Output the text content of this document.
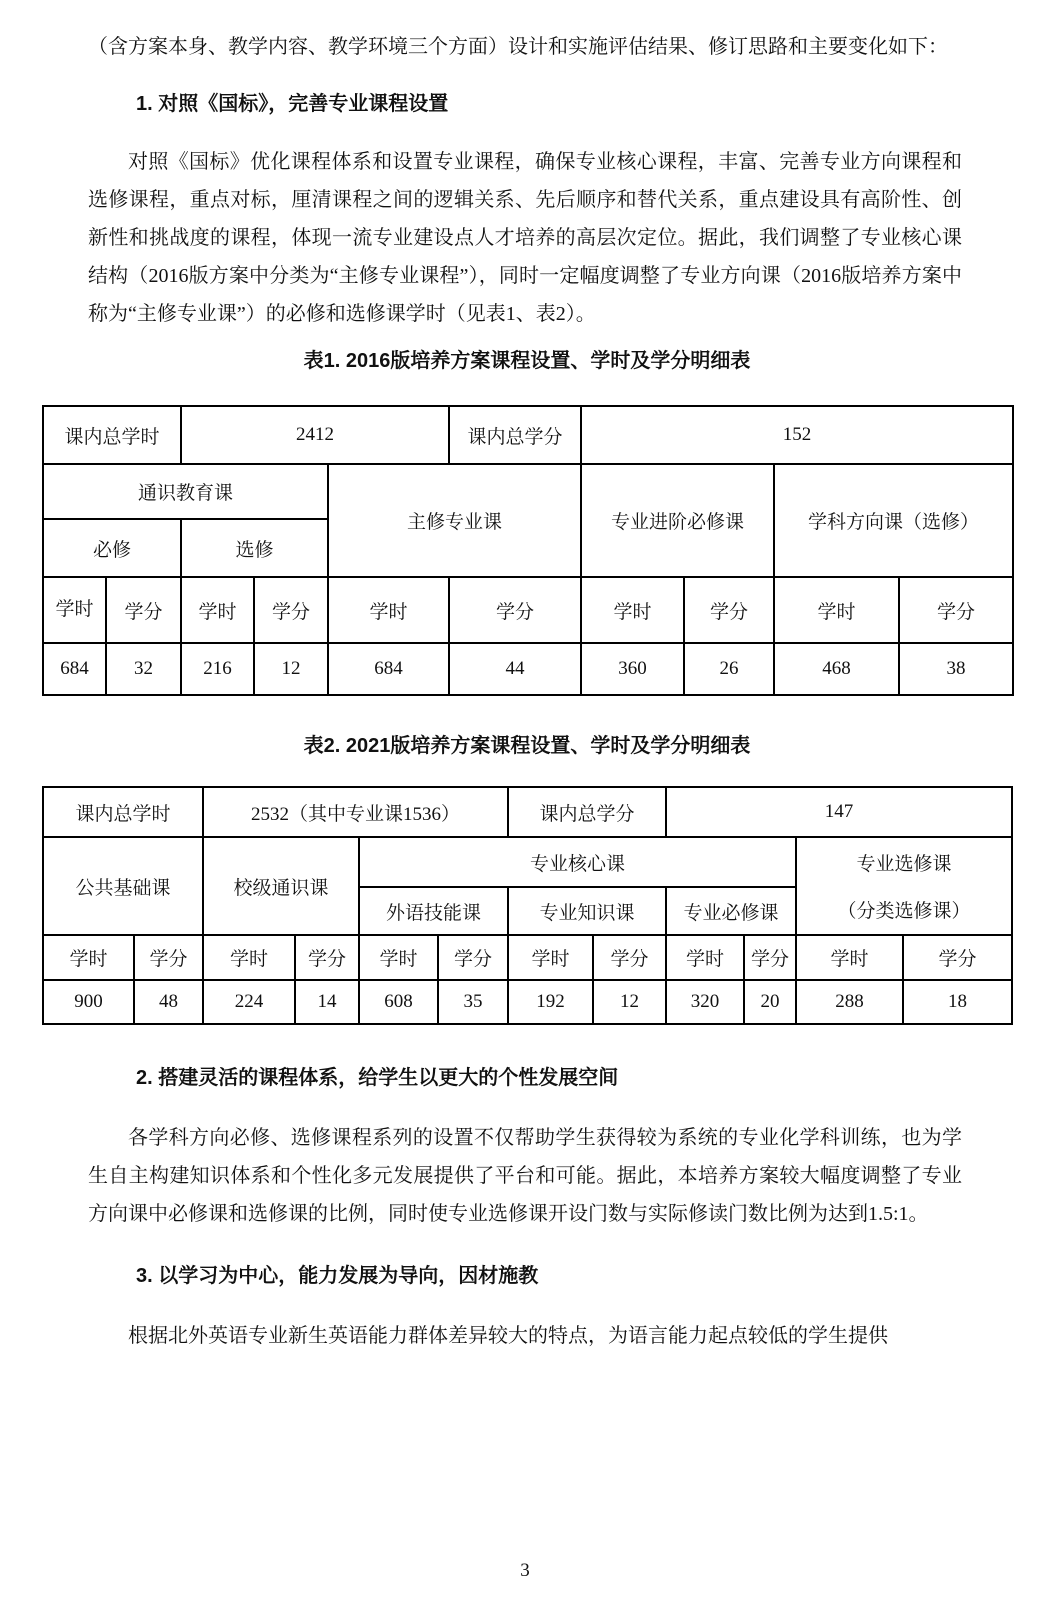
（含方案本身、教学内容、教学环境三个方面）设计和实施评估结果、修订思路和主要变化如下：

1. 对照《国标》，完善专业课程设置

对照《国标》优化课程体系和设置专业课程，确保专业核心课程，丰富、完善专业方向课程和选修课程，重点对标，厘清课程之间的逻辑关系、先后顺序和替代关系，重点建设具有高阶性、创新性和挑战度的课程，体现一流专业建设点人才培养的高层次定位。据此，我们调整了专业核心课结构（2016版方案中分类为“主修专业课程”），同时一定幅度调整了专业方向课（2016版培养方案中称为“主修专业课”）的必修和选修课学时（见表1、表2）。

表1. 2016版培养方案课程设置、学时及学分明细表
课内总学时		2412			课内总学分	152			
通识教育课				主修专业课		专业进阶必修课		学科方向课（选修）	
必修		选修							
学时	学分	学时	学分	学时	学分	学时	学分	学时	学分
684	32	216	12	684	44	360	26	468	38
表2. 2021版培养方案课程设置、学时及学分明细表
课内总学时		2532（其中专业课1536）				课内总学分		147			
公共基础课		校级通识课		专业核心课						专业选修课
（分类选修课）	

				外语技能课		专业知识课		专业必修课			
学时	学分	学时	学分	学时	学分	学时	学分	学时	学分	学时	学分
900	48	224	14	608	35	192	12	320	20	288	18
2. 搭建灵活的课程体系，给学生以更大的个性发展空间

各学科方向必修、选修课程系列的设置不仅帮助学生获得较为系统的专业化学科训练，也为学生自主构建知识体系和个性化多元发展提供了平台和可能。据此，本培养方案较大幅度调整了专业方向课中必修课和选修课的比例，同时使专业选修课开设门数与实际修读门数比例为达到1.5:1。

3. 以学习为中心，能力发展为导向，因材施教

根据北外英语专业新生英语能力群体差异较大的特点，为语言能力起点较低的学生提供

3
